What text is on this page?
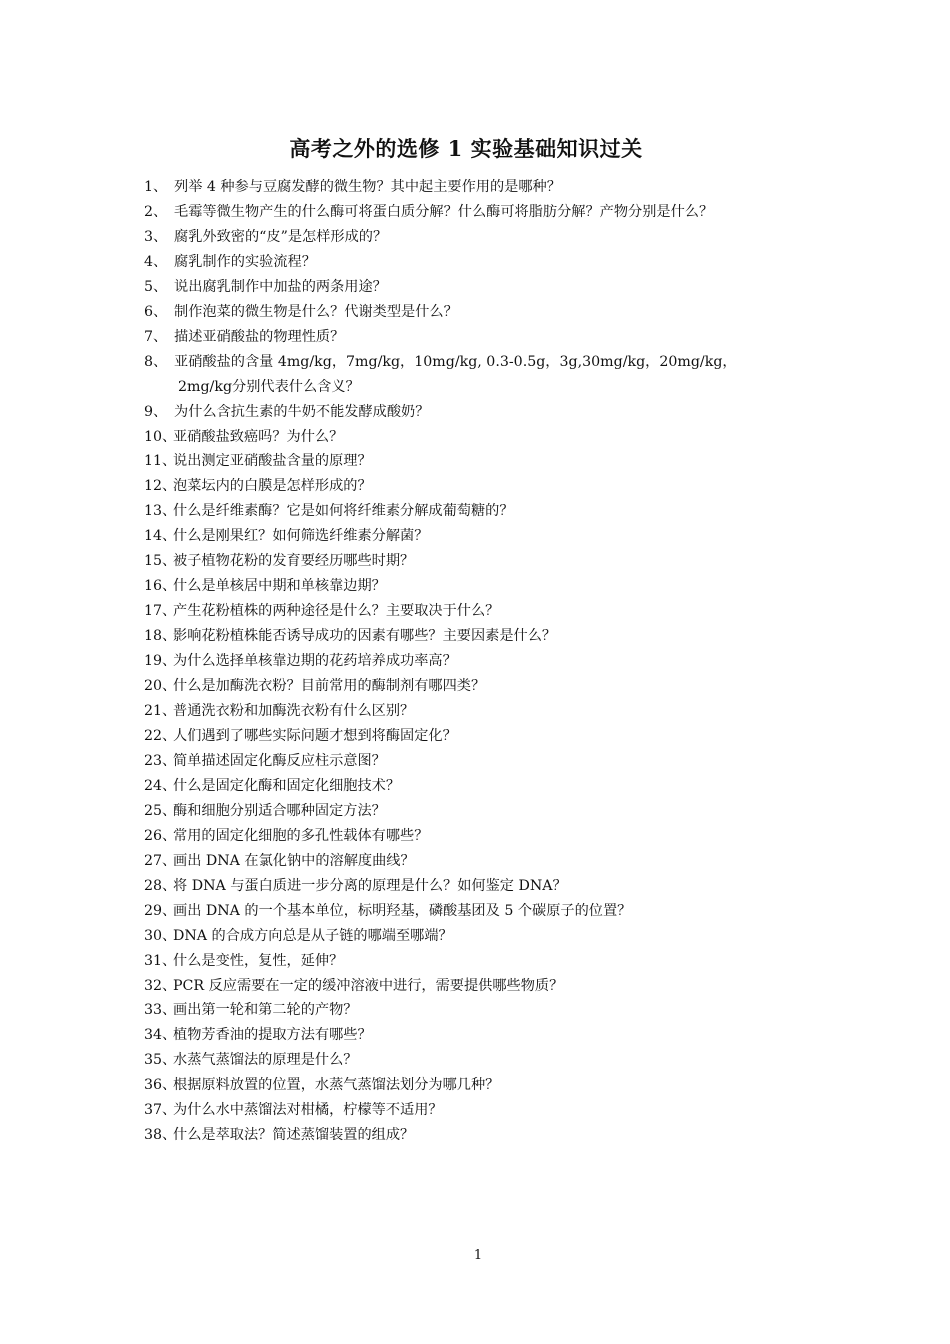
高考之外的选修 1 实验基础知识过关
1、 列举 4 种参与豆腐发酵的微生物？其中起主要作用的是哪种？
2、 毛霉等微生物产生的什么酶可将蛋白质分解？什么酶可将脂肪分解？产物分别是什么？
3、 腐乳外致密的“皮”是怎样形成的？
4、 腐乳制作的实验流程？
5、 说出腐乳制作中加盐的两条用途？
6、 制作泡菜的微生物是什么？代谢类型是什么？
7、 描述亚硝酸盐的物理性质？
8、 亚硝酸盐的含量 4mg/kg，7mg/kg，10mg/kg, 0.3-0.5g，3g,30mg/kg，20mg/kg，
2mg/kg分别代表什么含义？
9、 为什么含抗生素的牛奶不能发酵成酸奶？
10、
亚硝酸盐致癌吗？为什么？
11、
说出测定亚硝酸盐含量的原理？
12、
泡菜坛内的白膜是怎样形成的？
13、
什么是纤维素酶？它是如何将纤维素分解成葡萄糖的？
14、
什么是刚果红？如何筛选纤维素分解菌？
15、
被子植物花粉的发育要经历哪些时期？
16、
什么是单核居中期和单核靠边期？
17、
产生花粉植株的两种途径是什么？主要取决于什么？
18、
影响花粉植株能否诱导成功的因素有哪些？主要因素是什么？
19、
为什么选择单核靠边期的花药培养成功率高？
20、
什么是加酶洗衣粉？目前常用的酶制剂有哪四类？
21、
普通洗衣粉和加酶洗衣粉有什么区别？
22、
人们遇到了哪些实际问题才想到将酶固定化？
23、
简单描述固定化酶反应柱示意图？
24、
什么是固定化酶和固定化细胞技术？
25、
酶和细胞分别适合哪种固定方法？
26、
常用的固定化细胞的多孔性载体有哪些？
27、
画出 DNA 在氯化钠中的溶解度曲线？
28、
将 DNA 与蛋白质进一步分离的原理是什么？如何鉴定 DNA？
29、
画出 DNA 的一个基本单位，标明羟基，磷酸基团及 5 个碳原子的位置？
30、
DNA 的合成方向总是从子链的哪端至哪端？
31、
什么是变性，复性，延伸？
32、
PCR 反应需要在一定的缓冲溶液中进行，需要提供哪些物质？
33、
画出第一轮和第二轮的产物？
34、
植物芳香油的提取方法有哪些？
35、
水蒸气蒸馏法的原理是什么？
36、
根据原料放置的位置，水蒸气蒸馏法划分为哪几种？
37、
为什么水中蒸馏法对柑橘，柠檬等不适用？
38、
什么是萃取法？简述蒸馏装置的组成？
1
